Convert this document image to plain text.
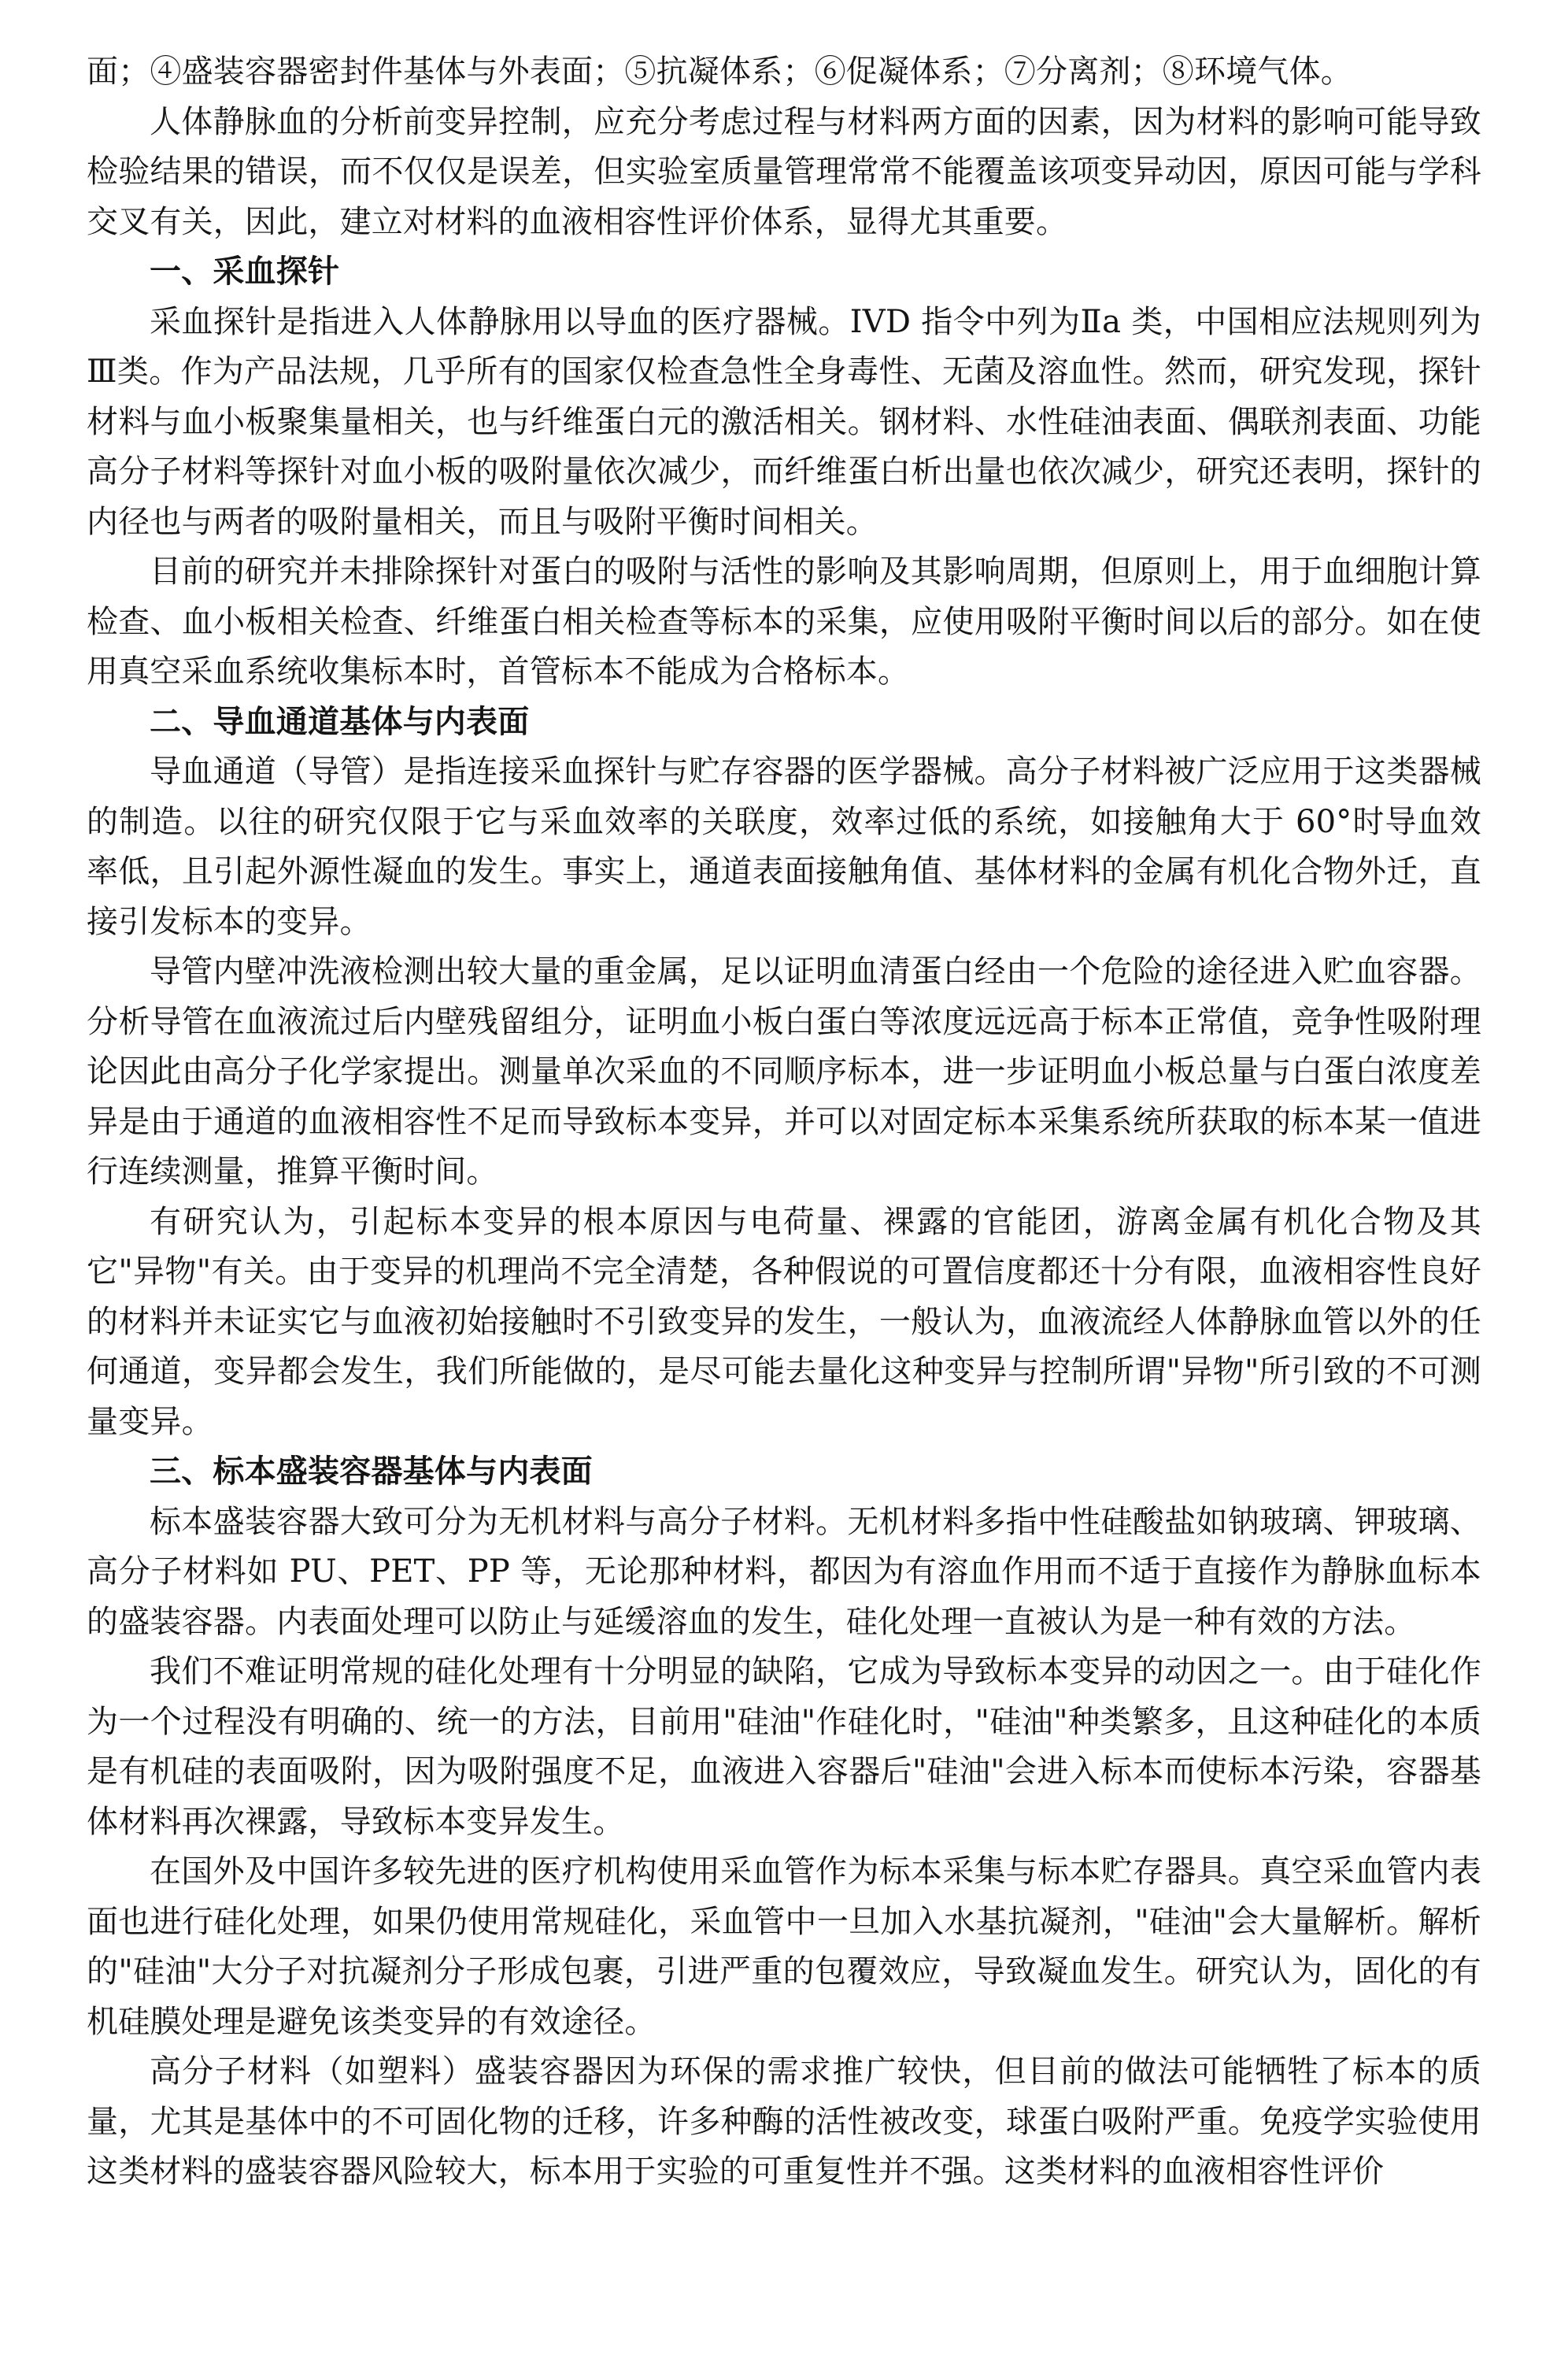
面；④盛装容器密封件基体与外表面；⑤抗凝体系；⑥促凝体系；⑦分离剂；⑧环境气体。

人体静脉血的分析前变异控制，应充分考虑过程与材料两方面的因素，因为材料的影响可能导致检验结果的错误，而不仅仅是误差，但实验室质量管理常常不能覆盖该项变异动因，原因可能与学科交叉有关，因此，建立对材料的血液相容性评价体系，显得尤其重要。

一、采血探针

采血探针是指进入人体静脉用以导血的医疗器械。IVD 指令中列为Ⅱa 类，中国相应法规则列为Ⅲ类。作为产品法规，几乎所有的国家仅检查急性全身毒性、无菌及溶血性。然而，研究发现，探针材料与血小板聚集量相关，也与纤维蛋白元的激活相关。钢材料、水性硅油表面、偶联剂表面、功能高分子材料等探针对血小板的吸附量依次减少，而纤维蛋白析出量也依次减少，研究还表明，探针的内径也与两者的吸附量相关，而且与吸附平衡时间相关。

目前的研究并未排除探针对蛋白的吸附与活性的影响及其影响周期，但原则上，用于血细胞计算检查、血小板相关检查、纤维蛋白相关检查等标本的采集，应使用吸附平衡时间以后的部分。如在使用真空采血系统收集标本时，首管标本不能成为合格标本。

二、导血通道基体与内表面

导血通道（导管）是指连接采血探针与贮存容器的医学器械。高分子材料被广泛应用于这类器械的制造。以往的研究仅限于它与采血效率的关联度，效率过低的系统，如接触角大于 60°时导血效率低，且引起外源性凝血的发生。事实上，通道表面接触角值、基体材料的金属有机化合物外迁，直接引发标本的变异。

导管内壁冲洗液检测出较大量的重金属，足以证明血清蛋白经由一个危险的途径进入贮血容器。分析导管在血液流过后内壁残留组分，证明血小板白蛋白等浓度远远高于标本正常值，竞争性吸附理论因此由高分子化学家提出。测量单次采血的不同顺序标本，进一步证明血小板总量与白蛋白浓度差异是由于通道的血液相容性不足而导致标本变异，并可以对固定标本采集系统所获取的标本某一值进行连续测量，推算平衡时间。

有研究认为，引起标本变异的根本原因与电荷量、裸露的官能团，游离金属有机化合物及其它"异物"有关。由于变异的机理尚不完全清楚，各种假说的可置信度都还十分有限，血液相容性良好的材料并未证实它与血液初始接触时不引致变异的发生，一般认为，血液流经人体静脉血管以外的任何通道，变异都会发生，我们所能做的，是尽可能去量化这种变异与控制所谓"异物"所引致的不可测量变异。

三、标本盛装容器基体与内表面

标本盛装容器大致可分为无机材料与高分子材料。无机材料多指中性硅酸盐如钠玻璃、钾玻璃、高分子材料如 PU、PET、PP 等，无论那种材料，都因为有溶血作用而不适于直接作为静脉血标本的盛装容器。内表面处理可以防止与延缓溶血的发生，硅化处理一直被认为是一种有效的方法。

我们不难证明常规的硅化处理有十分明显的缺陷，它成为导致标本变异的动因之一。由于硅化作为一个过程没有明确的、统一的方法，目前用"硅油"作硅化时，"硅油"种类繁多，且这种硅化的本质是有机硅的表面吸附，因为吸附强度不足，血液进入容器后"硅油"会进入标本而使标本污染，容器基体材料再次裸露，导致标本变异发生。

在国外及中国许多较先进的医疗机构使用采血管作为标本采集与标本贮存器具。真空采血管内表面也进行硅化处理，如果仍使用常规硅化，采血管中一旦加入水基抗凝剂，"硅油"会大量解析。解析的"硅油"大分子对抗凝剂分子形成包裹，引进严重的包覆效应，导致凝血发生。研究认为，固化的有机硅膜处理是避免该类变异的有效途径。

高分子材料（如塑料）盛装容器因为环保的需求推广较快，但目前的做法可能牺牲了标本的质量，尤其是基体中的不可固化物的迁移，许多种酶的活性被改变，球蛋白吸附严重。免疫学实验使用这类材料的盛装容器风险较大，标本用于实验的可重复性并不强。这类材料的血液相容性评价
